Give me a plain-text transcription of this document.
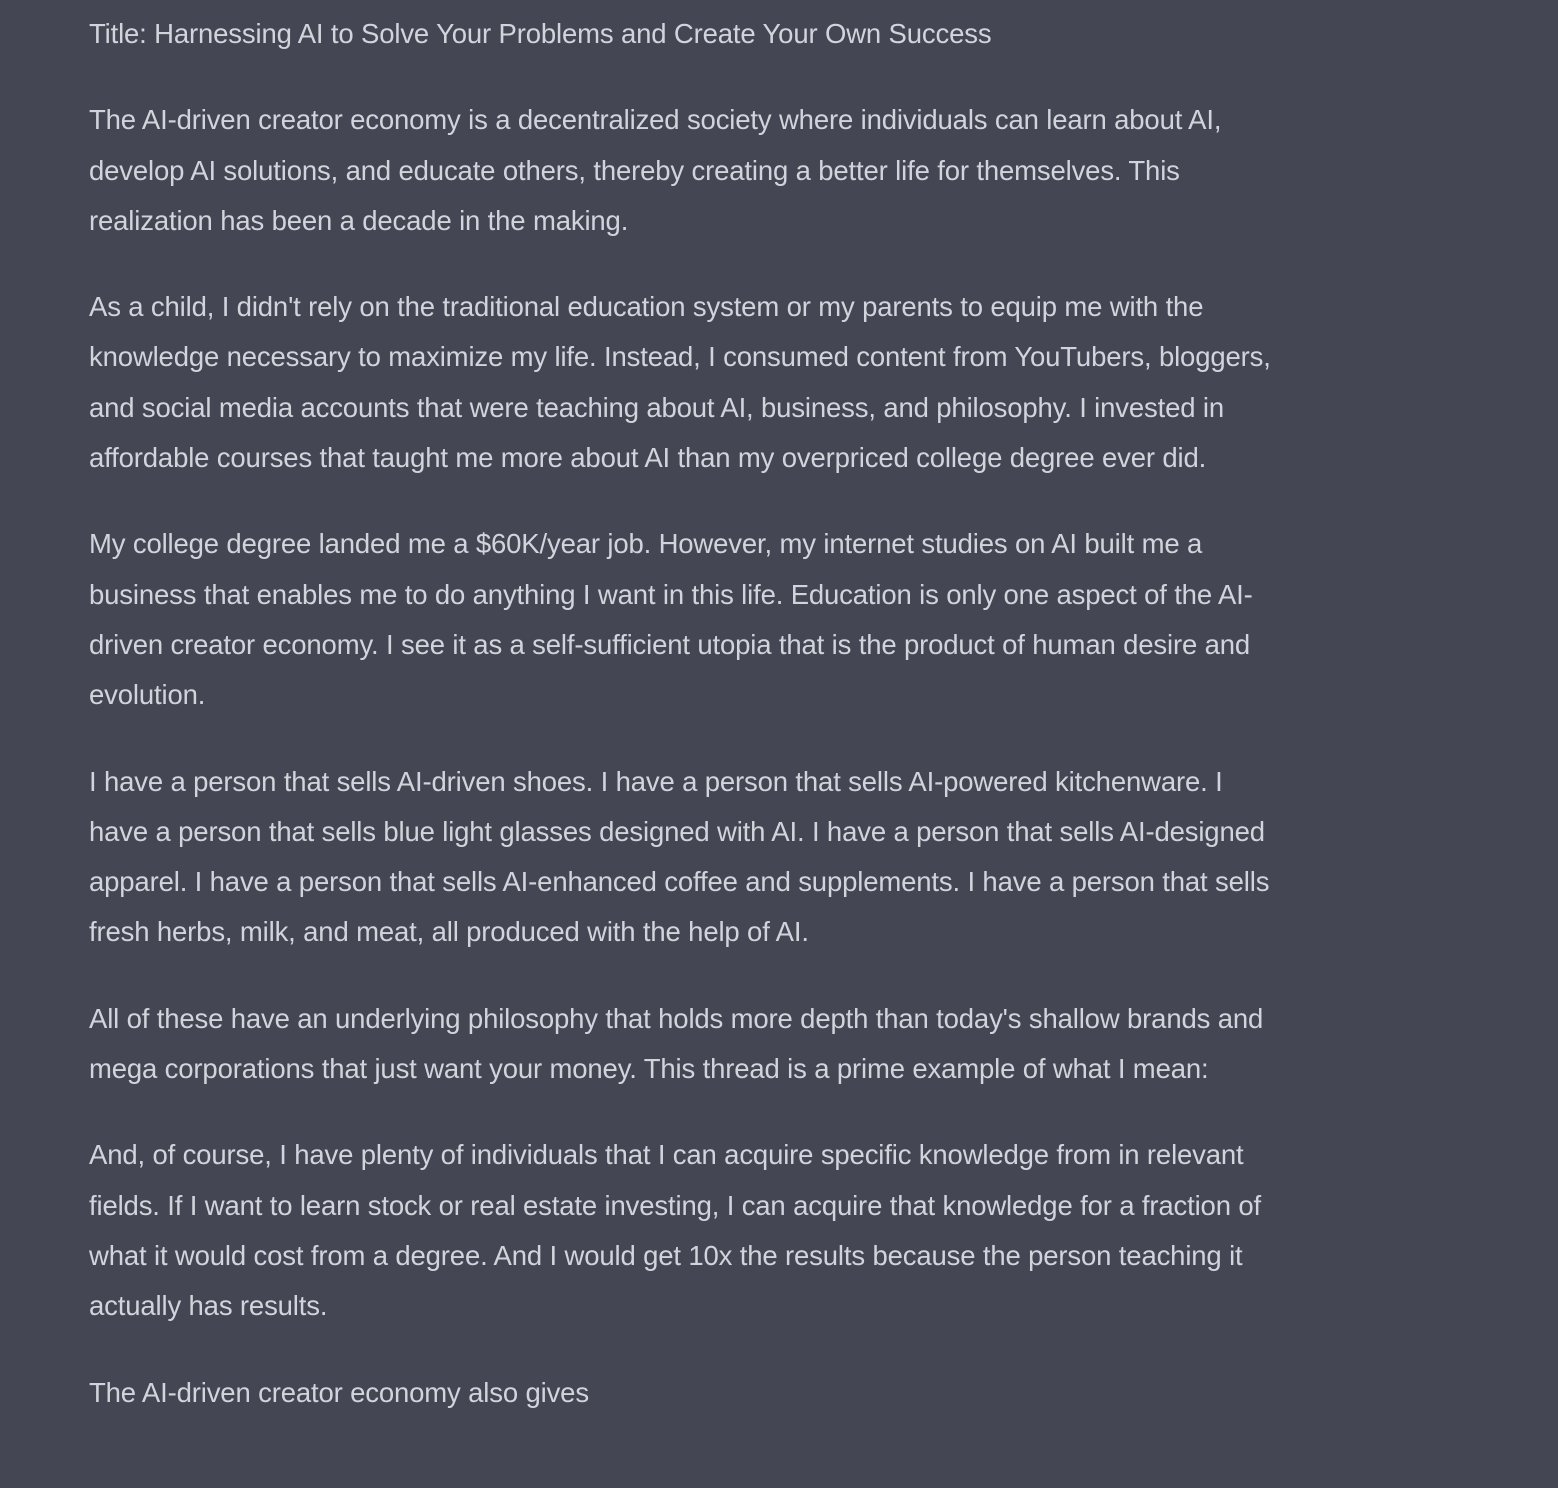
Title: Harnessing AI to Solve Your Problems and Create Your Own Success

The AI-driven creator economy is a decentralized society where individuals can learn about AI, develop AI solutions, and educate others, thereby creating a better life for themselves. This realization has been a decade in the making.

As a child, I didn't rely on the traditional education system or my parents to equip me with the knowledge necessary to maximize my life. Instead, I consumed content from YouTubers, bloggers, and social media accounts that were teaching about AI, business, and philosophy. I invested in affordable courses that taught me more about AI than my overpriced college degree ever did.

My college degree landed me a $60K/year job. However, my internet studies on AI built me a business that enables me to do anything I want in this life. Education is only one aspect of the AI-driven creator economy. I see it as a self-sufficient utopia that is the product of human desire and evolution.

I have a person that sells AI-driven shoes. I have a person that sells AI-powered kitchenware. I have a person that sells blue light glasses designed with AI. I have a person that sells AI-designed apparel. I have a person that sells AI-enhanced coffee and supplements. I have a person that sells fresh herbs, milk, and meat, all produced with the help of AI.

All of these have an underlying philosophy that holds more depth than today's shallow brands and mega corporations that just want your money. This thread is a prime example of what I mean:

And, of course, I have plenty of individuals that I can acquire specific knowledge from in relevant fields. If I want to learn stock or real estate investing, I can acquire that knowledge for a fraction of what it would cost from a degree. And I would get 10x the results because the person teaching it actually has results.

The AI-driven creator economy also gives
